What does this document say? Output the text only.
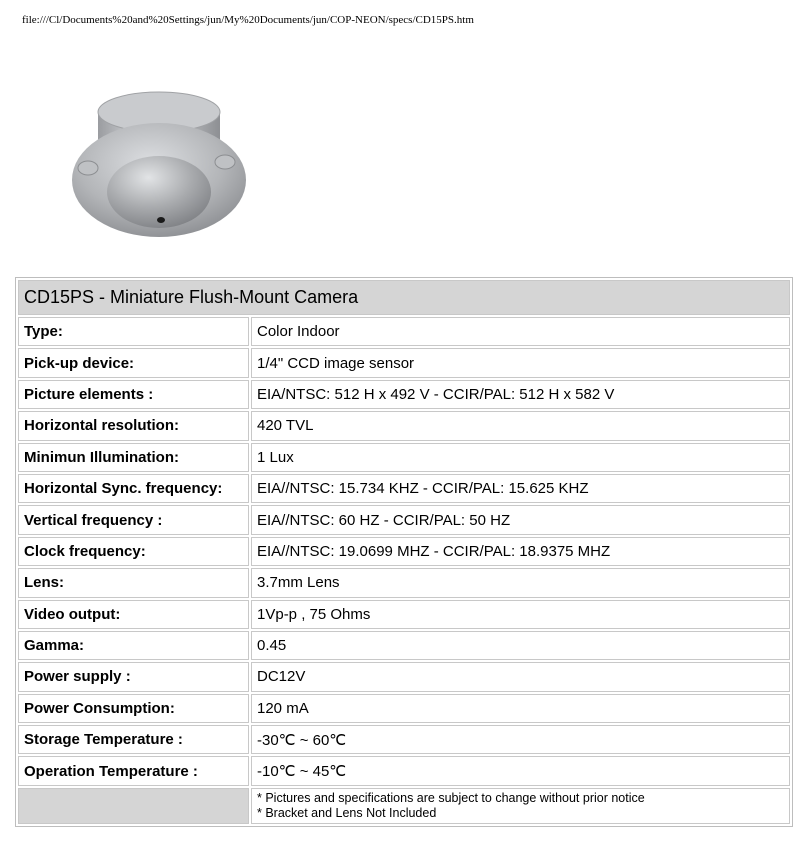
file:///Cl/Documents%20and%20Settings/jun/My%20Documents/jun/COP-NEON/specs/CD15PS.htm
CD15PS - Miniature Flush-Mount Camera	
Type:	Color Indoor
Pick-up device:	1/4" CCD image sensor
Picture elements :	EIA/NTSC: 512 H x 492 V - CCIR/PAL: 512 H x 582 V
Horizontal resolution:	420 TVL
Minimun Illumination:	1 Lux
Horizontal Sync. frequency:	EIA//NTSC: 15.734 KHZ - CCIR/PAL: 15.625 KHZ
Vertical frequency :	EIA//NTSC: 60 HZ - CCIR/PAL: 50 HZ
Clock frequency:	EIA//NTSC: 19.0699 MHZ - CCIR/PAL: 18.9375 MHZ
Lens:	3.7mm Lens
Video output:	1Vp-p , 75 Ohms
Gamma:	0.45
Power supply :	DC12V
Power Consumption:	120 mA
Storage Temperature :	-30℃ ~ 60℃
Operation Temperature :	-10℃ ~ 45℃

	* Pictures and specifications are subject to change without prior notice
* Bracket and Lens Not Included
